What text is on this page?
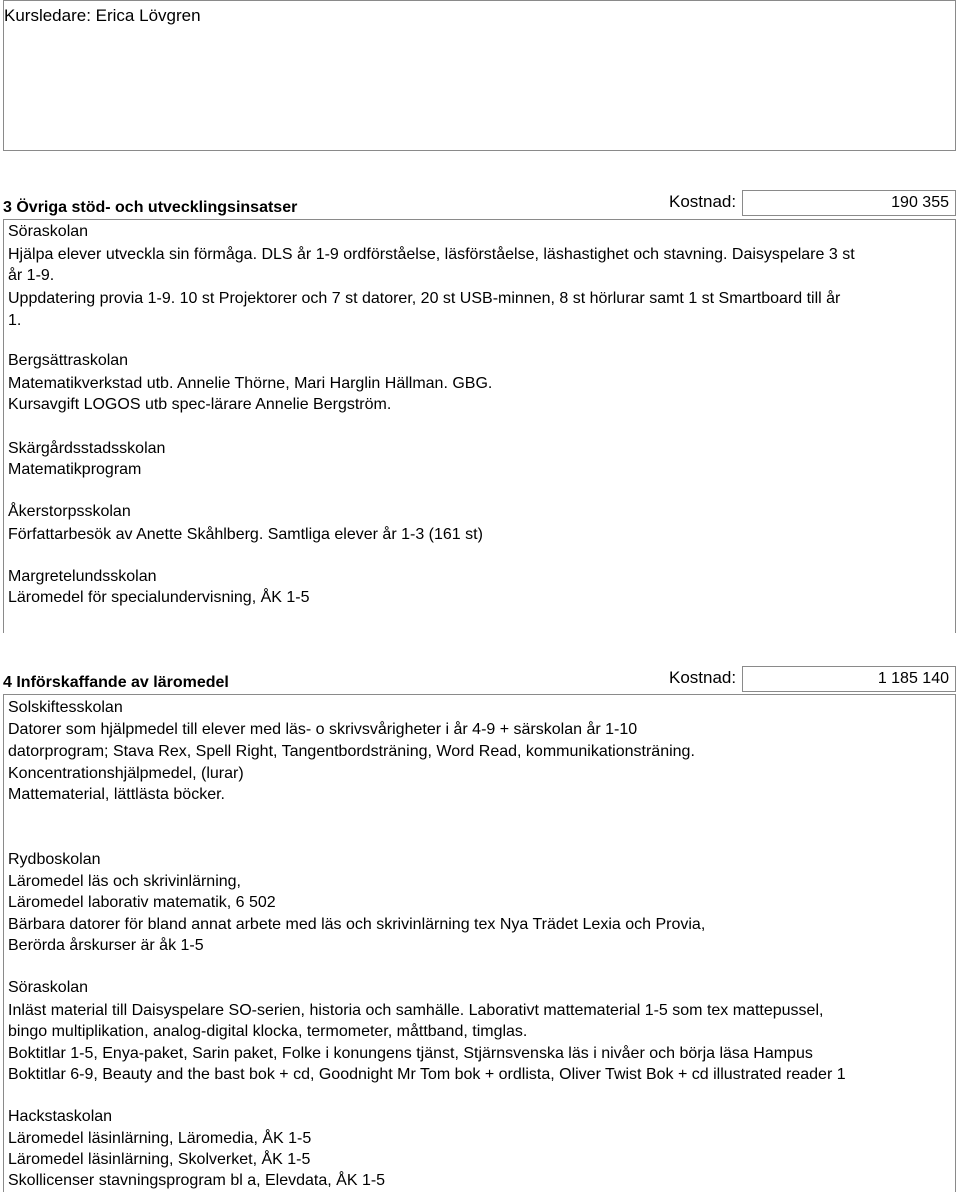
Kursledare: Erica Lövgren
3 Övriga stöd- och utvecklingsinsatser	Kostnad:	190 355
Söraskolan
Hjälpa elever utveckla sin förmåga. DLS år 1-9 ordförståelse, läsförståelse, läshastighet och stavning. Daisyspelare 3 st
år 1-9.
Uppdatering provia 1-9. 10 st Projektorer och 7 st datorer, 20 st USB-minnen, 8 st hörlurar samt 1 st Smartboard till år
1.
Bergsättraskolan
Matematikverkstad utb. Annelie Thörne, Mari Harglin Hällman. GBG.
Kursavgift LOGOS utb spec-lärare Annelie Bergström.
Skärgårdsstadsskolan
Matematikprogram
Åkerstorpsskolan
Författarbesök av Anette Skåhlberg. Samtliga elever år 1-3 (161 st)
Margretelundsskolan
Läromedel för specialundervisning, ÅK 1-5
4 Införskaffande av läromedel	Kostnad:	1 185 140
Solskiftesskolan
Datorer som hjälpmedel till elever med läs- o skrivsvårigheter i år 4-9 + särskolan år 1-10
datorprogram; Stava Rex, Spell Right, Tangentbordsträning, Word Read, kommunikationsträning.
Koncentrationshjälpmedel, (lurar)
Mattematerial, lättlästa böcker.
Rydboskolan
Läromedel läs och skrivinlärning,
Läromedel laborativ matematik, 6 502
Bärbara datorer för bland annat arbete med läs och skrivinlärning tex Nya Trädet Lexia och Provia,
Berörda årskurser är åk 1-5
Söraskolan
Inläst material till Daisyspelare SO-serien, historia och samhälle. Laborativt mattematerial 1-5 som tex mattepussel,
bingo multiplikation, analog-digital klocka, termometer, måttband, timglas.
Boktitlar 1-5, Enya-paket, Sarin paket, Folke i konungens tjänst, Stjärnsvenska läs i nivåer och börja läsa Hampus
Boktitlar 6-9, Beauty and the bast bok + cd, Goodnight Mr Tom bok + ordlista, Oliver Twist Bok + cd illustrated reader 1
Hackstaskolan
Läromedel läsinlärning, Läromedia, ÅK 1-5
Läromedel läsinlärning, Skolverket, ÅK 1-5
Skollicenser stavningsprogram bl a, Elevdata, ÅK 1-5
